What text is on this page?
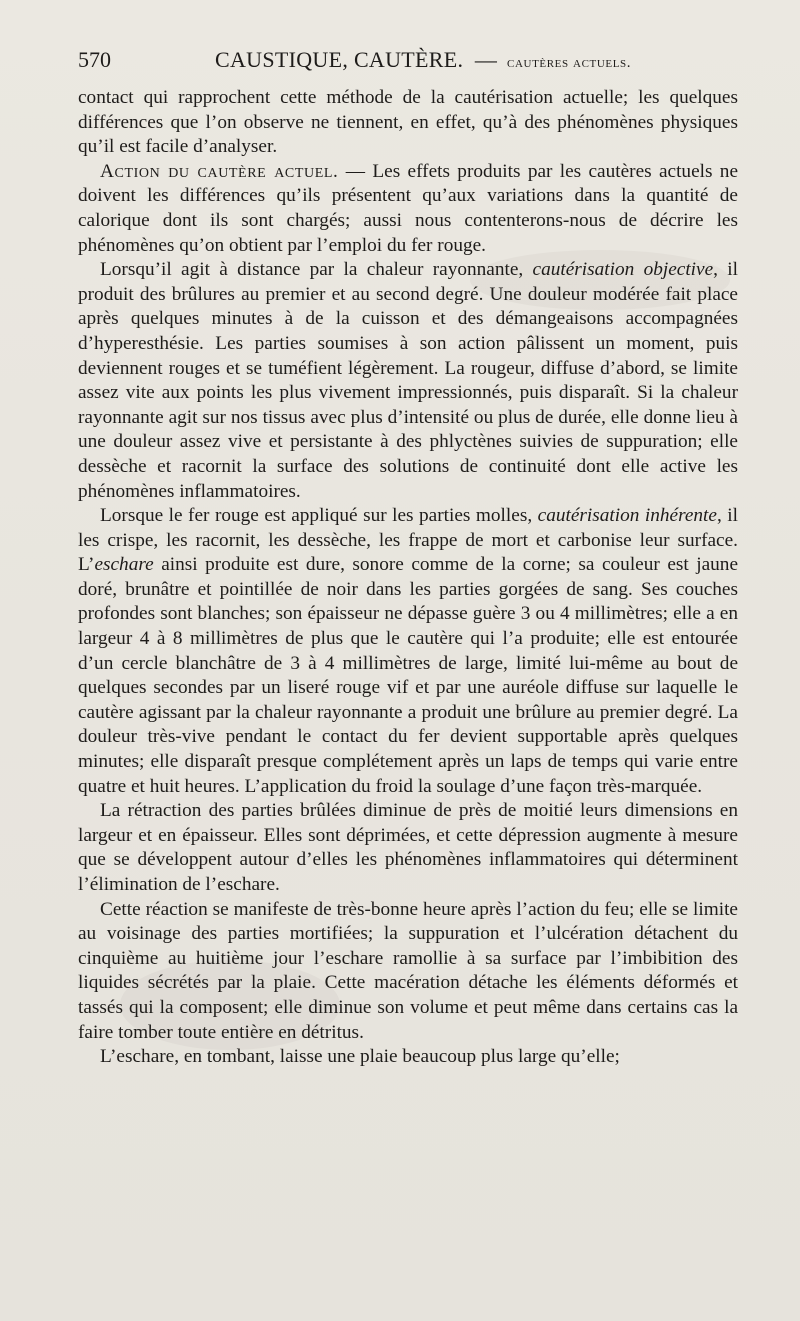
570	CAUSTIQUE, CAUTÈRE. — cautères actuels.

contact qui rapprochent cette méthode de la cautérisation actuelle; les quelques différences que l’on observe ne tiennent, en effet, qu’à des phénomènes physiques qu’il est facile d’analyser.

Action du cautère actuel. — Les effets produits par les cautères actuels ne doivent les différences qu’ils présentent qu’aux variations dans la quantité de calorique dont ils sont chargés; aussi nous contenterons-nous de décrire les phénomènes qu’on obtient par l’emploi du fer rouge.

Lorsqu’il agit à distance par la chaleur rayonnante, cautérisation objective, il produit des brûlures au premier et au second degré. Une douleur modérée fait place après quelques minutes à de la cuisson et des démangeaisons accompagnées d’hyperesthésie. Les parties soumises à son action pâlissent un moment, puis deviennent rouges et se tuméfient légèrement. La rougeur, diffuse d’abord, se limite assez vite aux points les plus vivement impressionnés, puis disparaît. Si la chaleur rayonnante agit sur nos tissus avec plus d’intensité ou plus de durée, elle donne lieu à une douleur assez vive et persistante à des phlyctènes suivies de suppuration; elle dessèche et racornit la surface des solutions de continuité dont elle active les phénomènes inflammatoires.

Lorsque le fer rouge est appliqué sur les parties molles, cautérisation inhérente, il les crispe, les racornit, les dessèche, les frappe de mort et carbonise leur surface. L’eschare ainsi produite est dure, sonore comme de la corne; sa couleur est jaune doré, brunâtre et pointillée de noir dans les parties gorgées de sang. Ses couches profondes sont blanches; son épaisseur ne dépasse guère 3 ou 4 millimètres; elle a en largeur 4 à 8 millimètres de plus que le cautère qui l’a produite; elle est entourée d’un cercle blanchâtre de 3 à 4 millimètres de large, limité lui-même au bout de quelques secondes par un liseré rouge vif et par une auréole diffuse sur laquelle le cautère agissant par la chaleur rayonnante a produit une brûlure au premier degré. La douleur très-vive pendant le contact du fer devient supportable après quelques minutes; elle disparaît presque complétement après un laps de temps qui varie entre quatre et huit heures. L’application du froid la soulage d’une façon très-marquée.

La rétraction des parties brûlées diminue de près de moitié leurs dimensions en largeur et en épaisseur. Elles sont déprimées, et cette dépression augmente à mesure que se développent autour d’elles les phénomènes inflammatoires qui déterminent l’élimination de l’eschare.

Cette réaction se manifeste de très-bonne heure après l’action du feu; elle se limite au voisinage des parties mortifiées; la suppuration et l’ulcération détachent du cinquième au huitième jour l’eschare ramollie à sa surface par l’imbibition des liquides sécrétés par la plaie. Cette macération détache les éléments déformés et tassés qui la composent; elle diminue son volume et peut même dans certains cas la faire tomber toute entière en détritus.

L’eschare, en tombant, laisse une plaie beaucoup plus large qu’elle;
